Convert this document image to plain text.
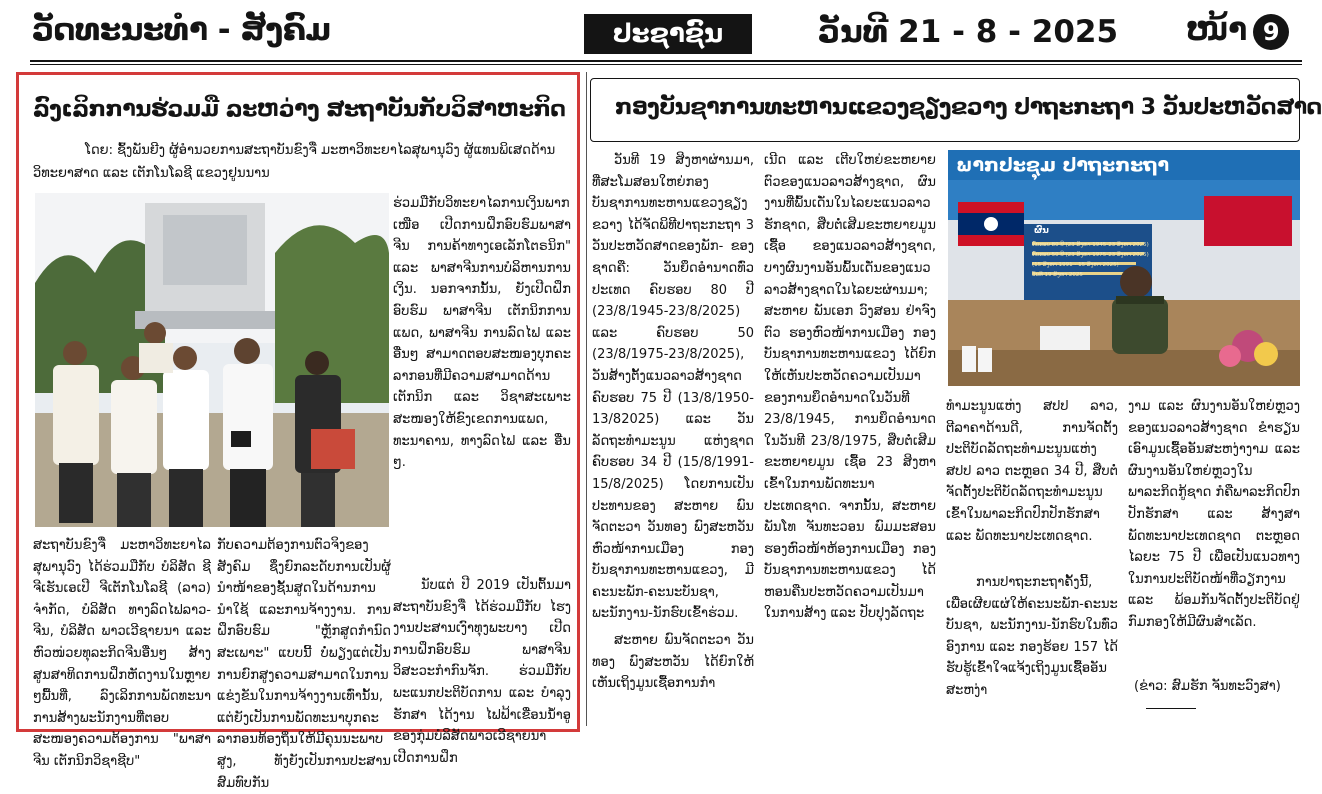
ວັດທະນະທຳ - ສັງຄົມ	ປະຊາຊົນ	ວັນທີ 21 - 8 - 2025	ໜ້າ 9
ລົງເລິກການຮ່ວມມື ລະຫວ່າງ ສະຖາບັນກັບວິສາຫະກິດ
ໂດຍ: ຊົ້ງພັນຍີງ ຜູ້ອຳນວຍການສະຖາບັນຂົງຈື່ ມະຫາວິທະຍາໄລສຸພານຸວົງ ຜູ້ແທນພິເສດດ້ານວິທະຍາສາດ ແລະ ເຕັກໂນໂລຊີ ແຂວງຢູນນານ
ຮ່ວມມືກັບວິທະຍາໄລການເງິນພາກເໜືອ ເປີດການຝຶກອົບຮົມພາສາຈີນ ການຄ້າທາງເອເລັກໂຕຣນິກ" ແລະ ພາສາຈີນການບໍລິຫານການເງິນ. ນອກຈາກນັ້ນ, ຍັງເປີດຝຶກອົບຮົມ ພາສາຈີນ ເຕັກນິກການແພດ, ພາສາຈີນ ການລົດໄຟ ແລະ ອື່ນໆ ສາມາດຕອບສະໜອງບຸກຄະລາກອນທີ່ມີຄວາມສາມາດດ້ານເຕັກນິກ ແລະ ວິຊາສະເພາະສະໜອງໃຫ້ຂົງເຂດການແພດ, ທະນາຄານ, ທາງລົດໄຟ ແລະ ອື່ນໆ.
ສະຖາບັນຂົງຈື່ ມະຫາວິທະຍາໄລ ສຸພານຸວົງ ໄດ້ຮ່ວມມືກັບ ບໍລິສັດ ຊີຈີເຮັນເອເປີ ຈີເຕັກໂນໂລຊີ (ລາວ) ຈຳກັດ, ບໍລິສັດ ທາງລົດໄຟລາວ- ຈີນ, ບໍລິສັດ ພາວເວີຊາຍນາ ແລະ ຫົວໜ່ວຍທຸລະກິດຈີນອື່ນໆ ສ້າງສູນສາທິດການຝຶກຫັດງານໃນຫຼາຍໆພື້ນທີ່, ລົງເລິກການພັດທະນາການສ້າງພະນັກງານທີ່ຕອບສະໜອງຄວາມຕ້ອງການ "ພາສາຈີນ ເຕັກນິກວິຊາຊີບ"
ກັບຄວາມຕ້ອງການຕົວຈິງຂອງສັງຄົມ ຊຶ່ງຍົກລະດັບການເປັນຜູ້ນຳໜ້າຂອງຊັ້ນສູດໃນດ້ານການນຳໃຊ້ ແລະການຈ້າງງານ. ການຝຶກອົບຮົມ "ຫຼັກສູດກຳນົດສະເພາະ" ແບບນີ້ ບໍ່ພຽງແຕ່ເປັນການຍົກສູງຄວາມສາມາດໃນການແຂ່ງຂັນໃນການຈ້າງງານເທົ່ານັ້ນ, ແຕ່ຍັງເປັນການພັດທະນາບຸກຄະລາກອນທ້ອງຖິ່ນໃຫ້ມີຄຸນນະພາບສູງ, ທັງຍັງເປັນການປະສານສົມທົບກັນ
ນັບແຕ່ ປີ 2019 ເປັນຕົ້ນມາ ສະຖາບັນຂົງຈື່ ໄດ້ຮ່ວມມືກັບ ໄຮງງານປະສານເງົາທຸງພະບາງ ເປີດການຝຶກອົບຮົມ ພາສາຈີນ ວິສະວະກຳກົນຈັກ. ຮ່ວມມືກັບພະແນກປະຕິບັດການ ແລະ ບຳລຸງຮັກສາ ໄດ້ງານ ໄຟຟ້າເຂື່ອນນ້ຳອູຂອງກຸ່ມບໍລິສັດພາວເວີຊາຍນາ ເປີດການຝຶກ
ກອງບັນຊາການທະຫານແຂວງຊຽງຂວາງ ປາຖະກະຖາ 3 ວັນປະຫວັດສາດ
ວັນທີ 19 ສິງຫາຜ່ານມາ, ທີ່ສະໂມສອນໃຫຍ່ກອງບັນຊາການທະຫານແຂວງຊຽງຂວາງ ໄດ້ຈັດພິທີປາຖະກະຖາ 3 ວັນປະຫວັດສາດຂອງພັກ- ຂອງຊາດຄື: ວັນຍຶດອຳນາດທົ່ວປະເທດ ຄົບຮອບ 80 ປີ (23/8/1945-23/8/2025) ແລະ ຄົບຮອບ 50 (23/8/1975-23/8/2025), ວັນສ້າງຕັ້ງແນວລາວສ້າງຊາດ ຄົບຮອບ 75 ປີ (13/8/1950-13/82025) ແລະ ວັນລັດຖະທຳມະນູນ ແຫ່ງຊາດ ຄົບຮອບ 34 ປີ (15/8/1991-15/8/2025) ໂດຍການເປັນປະທານຂອງ ສະຫາຍ ພົນຈັດຕະວາ ວັນທອງ ພົງສະຫວັນ ຫົວໜ້າການເມືອງ ກອງບັນຊາການທະຫານແຂວງ, ມີຄະນະພັກ-ຄະນະບັນຊາ, ພະນັກງານ-ນັກຮົບເຂົ້າຮ່ວມ.
ສະຫາຍ ພົນຈັດຕະວາ ວັນທອງ ພົງສະຫວັນ ໄດ້ຍົກໃຫ້ເຫັນເຖິງມູນເຊື້ອການກຳ
ເນີດ ແລະ ເຕີບໃຫຍ່ຂະຫຍາຍຕົວຂອງແນວລາວສ້າງຊາດ, ຜົນງານທີ່ພົ້ນເດັ່ນໃນໄລຍະແນວລາວຮັກຊາດ, ສືບຕໍ່ເສີມຂະຫຍາຍມູນເຊື້ອ ຂອງແນວລາວສ້າງຊາດ, ບາງຜົນງານອັນພົ້ນເດັ່ນຂອງແນວລາວສ້າງຊາດໃນໄລຍະຜ່ານມາ; ສະຫາຍ ພັນເອກ ວົງສອນ ຢ່າຈົງຕົວ ຮອງຫົວໜ້າການເມືອງ ກອງບັນຊາການທະຫານແຂວງ ໄດ້ຍົກໃຫ້ເຫັນປະຫວັດຄວາມເປັນມາຂອງການຍຶດອຳນາດໃນວັນທີ 23/8/1945, ການຍຶດອຳນາດໃນວັນທີ 23/8/1975, ສືບຕໍ່ເສີມຂະຫຍາຍມູນ ເຊື້ອ 23 ສິງຫາເຂົ້າໃນການພັດທະນາປະເທດຊາດ. ຈາກນັ້ນ, ສະຫາຍ ພັນໂທ ຈັນທະວອນ ພົມມະສອນ ຮອງຫົວໜ້າຫ້ອງການເມືອງ ກອງບັນຊາການທະຫານແຂວງ ໄດ້ຫອນຄືນປະຫວັດຄວາມເປັນມາໃນການສ້າງ ແລະ ປັບປຸງລັດຖະ
ພາກປະຊຸມ ປາຖະກະຖາ
ຜົນ
ຄົບຮອບ 80 ປີ (23 ສິງຫາ 1945-23 ສິງຫາ 2025)
ຄົບຮອບ 50 ປີ (23 ສິງຫາ 1975-23 ສິງຫາ 2025)
(15 ສິງຫາ 1991 - 15 ສິງຫາ 2025)
ວັນທີ 19 ສິງຫາ 2025
ທຳມະນູນແຫ່ງ ສປປ ລາວ, ຕີລາຄາດ້ານດີ, ການຈັດຕັ້ງປະຕິບັດລັດຖະທຳມະນູນແຫ່ງ ສປປ ລາວ ຕະຫຼອດ 34 ປີ, ສືບຕໍ່ຈັດຕັ້ງປະຕິບັດລັດຖະທຳມະນູນເຂົ້າໃນພາລະກິດປົກປັກຮັກສາ ແລະ ພັດທະນາປະເທດຊາດ.
ການປາຖະກະຖາຄັ້ງນີ້, ເພື່ອເຜີຍແຜ່ໃຫ້ຄະນະພັກ-ຄະນະບັນຊາ, ພະນັກງານ-ນັກຮົບໃນທົ່ວອົງການ ແລະ ກອງຮ້ອຍ 157 ໄດ້ຮັບຮູ້ເຂົ້າໃຈແຈ້ງເຖິງມູນເຊື້ອອັນສະຫງ່າ
ງາມ ແລະ ຜົນງານອັນໃຫຍ່ຫຼວງຂອງແນວລາວສ້າງຊາດ ຂຳຮຽນເອົາມູນເຊື້ອອັນສະຫງ່າງາມ ແລະ ຜົນງານອັນໃຫຍ່ຫຼວງໃນພາລະກິດກູ້ຊາດ ກໍຄືພາລະກິດປົກປັກຮັກສາ ແລະ ສ້າງສາພັດທະນາປະເທດຊາດ ຕະຫຼອດໄລຍະ 75 ປີ ເພື່ອເປັນແນວທາງໃນການປະຕິບັດໜ້າທີ່ວຽກງານ ແລະ ພ້ອມກັນຈັດຕັ້ງປະຕິບັດຢູ່ກົມກອງໃຫ້ມີຜົນສຳເລັດ.
(ຂ່າວ: ສົມຮັກ ຈັນທະວົງສາ)
